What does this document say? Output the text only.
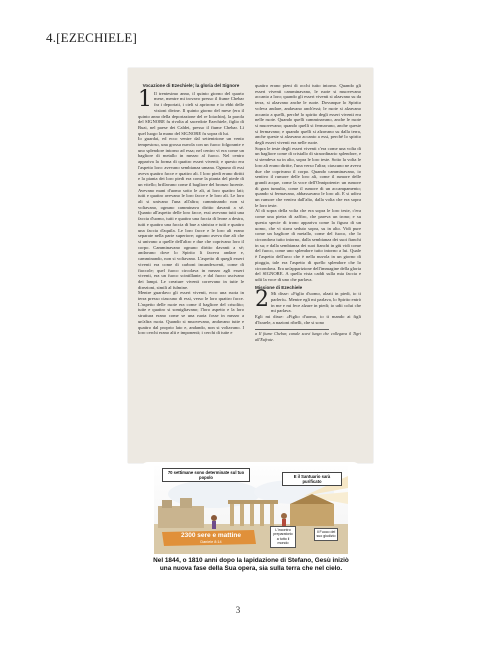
4.[EZECHIELE]
Vocazione di Ezechiele; la gloria del Signore
1 Il trentesimo anno, il quinto giorno del quarto mese, mentre mi trovavo presso il fiume Chebar fra i deportati, i cieli si aprirono e io ebbi delle visioni divine. Il quinto giorno del mese (era il quinto anno della deportazione del re Ioiachin), la parola del SIGNORE fu rivolta al sacerdote Ezechiele, figlio di Buzi, nel paese dei Caldei, presso il fiume Chebar. Lì quel luogo la mano del SIGNORE fu sopra di lui.

Io guardai, ed ecco venire dal settentrione un vento tempestoso, una grossa nuvola con un fuoco folgorante e uno splendore intorno ad essa; nel centro vi era come un bagliore di metallo in mezzo al fuoco. Nel centro appariva la forma di quattro esseri viventi; e questo era l'aspetto loro: avevano sembianza umana. Ognuno di essi aveva quattro facce e quattro ali. I loro piedi erano diritti e la pianta dei loro piedi era come la pianta del piede di un vitello; brillavano come il bagliore del bronzo lucente. Avevano mani d'uomo sotto le ali, ai loro quattro lati; tutti e quattro avevano le loro facce e le loro ali. Le loro ali si univano l'una all'altra; camminando non si voltavano, ognuno camminava diritto davanti a sé. Quanto all'aspetto delle loro facce, essi avevano tutti una faccia d'uomo, tutti e quattro una faccia di leone a destra, tutti e quattro una faccia di bue a sinistra e tutti e quattro una faccia d'aquila. Le loro facce e le loro ali erano separate nella parte superiore; ognuno aveva due ali che si univano a quelle dell'altro e due che coprivano loro il corpo. Camminavano ognuno diritto davanti a sé; andavano dove lo Spirito li faceva andare e, camminando, non si voltavano. L'aspetto di quegli esseri viventi era come di carboni incandescenti, come di fiaccole; quel fuoco circolava in mezzo agli esseri viventi, era un fuoco scintillante, e dal fuoco uscivano dei lampi. Le creature viventi correvano in tutte le direzioni, simili al fulmine.

Mentre guardavo gli esseri viventi, ecco una ruota in terra presso ciascuno di essi, verso le loro quattro facce. L'aspetto delle ruote era come il bagliore del crisolito; tutte e quattro si somigliavano; l'loro aspetto e la loro struttura erano come se una ruota fosse in mezzo a un'altra ruota. Quando si muovevano, andavano tutte e quattro dal proprio lato e, andando, non si voltavano. I loro cerchi erano alti e imponenti; i cerchi di tutte e

quattro erano pieni di occhi tutto intorno. Quando gli esseri viventi camminavano, le ruote si muovevano accanto a loro; quando gli esseri viventi si alzavano su da terra, si alzavano anche le ruote. Dovunque lo Spirito voleva andare, andavano anch'essi; le ruote si alzavano accanto a quelli, perché lo spirito degli esseri viventi era nelle ruote. Quando quelli camminavano, anche le ruote si muovevano; quando quelli si fermavano, anche queste si fermavano; e quando quelli si alzavano su dalla terra, anche queste si alzavano accanto a essi, perché lo spirito degli esseri viventi era nelle ruote.

Sopra le teste degli esseri viventi c'era come una volta di un bagliore come di cristallo di straordinario splendore, e si stendeva su in alto, sopra le loro teste. Sotto la volta le loro ali erano diritte, l'una verso l'altra; ciascuno ne aveva due che coprivano il corpo. Quando camminavano, io sentivo il rumore delle loro ali, come il rumore delle grandi acque, come la voce dell'Onnipotente: un rumore di gran tumulto, come il rumore di un accampamento; quando si fermavano, abbassavano le loro ali. E si udiva un rumore che veniva dall'alto, dalla volta che era sopra le loro teste.

Al di sopra della volta che era sopra le loro teste, c'era come una pietra di zaffiro, che pareva un trono; e su questa specie di trono appariva come la figura di un uomo, che vi stava seduto sopra, su in alto. Vidi pure come un bagliore di metallo, come del fuoco, che lo circondava tutto intorno, dalla sembianza dei suoi fianchi in su; e dalla sembianza dei suoi fianchi in giù vidi come del fuoco, come uno splendore tutto intorno a lui. Quale è l'aspetto dell'arco che è nella nuvola in un giorno di pioggia, tale era l'aspetto di quello splendore che lo circondava. Era un'apparizione dell'immagine della gloria del SIGNORE. A quella vista caddi sulla mia faccia e udii la voce di uno che parlava.

Missione di Ezechiele
2 Mi disse: «Figlio d'uomo, alzati in piedi, io ti parlerò». Mentre egli mi parlava, lo Spirito entrò in me e mi fece alzare in piedi; io udii colui che mi parlava.

Egli mi disse: «Figlio d'uomo, io ti mando ai figli d'Israele, a nazioni ribelli, che si sono

a Il fiume Chebar, canale scavi lungo che collegava il Tigri all'Eufrate.

70 settimane sono determinate sul tuo popolo	E il Santuario sarà purificato
2300 sere e mattine
Daniele 8:14
L'incontro preparatorio a tutto il mondo
Il Fuoco del suo giudizio
Nel 1844, o 1810 anni dopo la lapidazione di Stefano, Gesù iniziò una nuova fase della Sua opera, sia sulla terra che nel cielo.
3
